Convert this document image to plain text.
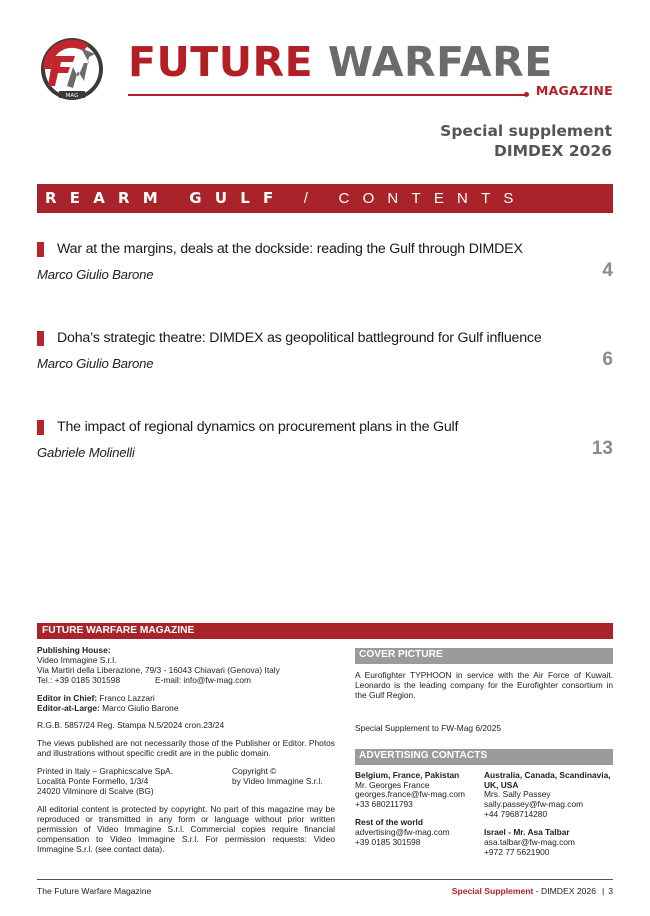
MAG
FUTURE WARFARE
MAGAZINE
Special supplement
DIMDEX 2026
REARM GULF / CONTENTS
War at the margins, deals at the dockside: reading the Gulf through DIMDEX
Marco Giulio Barone	4
Doha’s strategic theatre: DIMDEX as geopolitical battleground for Gulf influence
Marco Giulio Barone	6
The impact of regional dynamics on procurement plans in the Gulf
Gabriele Molinelli	13
FUTURE WARFARE MAGAZINE

Publishing House:
Video Immagine S.r.l.
Via Martiri della Liberazione, 79/3 - 16043 Chiavari (Genova) Italy
Tel.: +39 0185 301598	E-mail: info@fw-mag.com

Editor in Chief: Franco Lazzari
Editor-at-Large: Marco Giulio Barone

R.G.B. 5857/24 Reg. Stampa N.5/2024 cron.23/24

The views published are not necessarily those of the Publisher or Editor. Photos and illustrations without specific credit are in the public domain.

Printed in Italy – Graphicscalve SpA.
Località Ponte Formello, 1/3/4
24020 Vilminore di Scalve (BG)
Copyright ©
by Video Immagine S.r.l.

All editorial content is protected by copyright. No part of this magazine may be reproduced or transmitted in any form or language without prior written permission of Video Immagine S.r.l. Commercial copies require financial compensation to Video Immagine S.r.l. For permission requests: Video Immagine S.r.l. (see contact data).

COVER PICTURE
A Eurofighter TYPHOON in service with the Air Force of Kuwait. Leonardo is the leading company for the Eurofighter consortium in the Gulf Region.
Special Supplement to FW-Mag 6/2025
ADVERTISING CONTACTS
Belgium, France, Pakistan
Mr. Georges France
georges.france@fw-mag.com
+33 680211793
Rest of the world
advertising@fw-mag.com
+39 0185 301598
Australia, Canada, Scandinavia, UK, USA
Mrs. Sally Passey
sally.passey@fw-mag.com
+44 7968714280
Israel - Mr. Asa Talbar
asa.talbar@fw-mag.com
+972 77 5621900
The Future Warfare Magazine	Special Supplement - DIMDEX 2026 | 3
